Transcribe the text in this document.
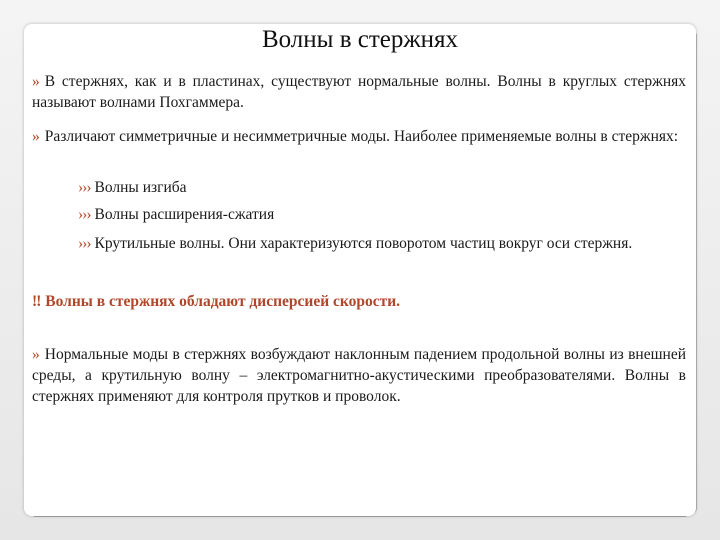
Волны в стержнях
» В стержнях, как и в пластинах, существуют нормальные волны. Волны в круглых стержнях называют волнами Похгаммера.
» Различают симметричные и несимметричные моды. Наиболее применяемые волны в стержнях:
››› Волны изгиба
››› Волны расширения-сжатия
››› Крутильные волны. Они характеризуются поворотом частиц вокруг оси стержня.
‼ Волны в стержнях обладают дисперсией скорости.
» Нормальные моды в стержнях возбуждают наклонным падением продольной волны из внешней среды, а крутильную волну – электромагнитно-акустическими преобразователями. Волны в стержнях применяют для контроля прутков и проволок.
